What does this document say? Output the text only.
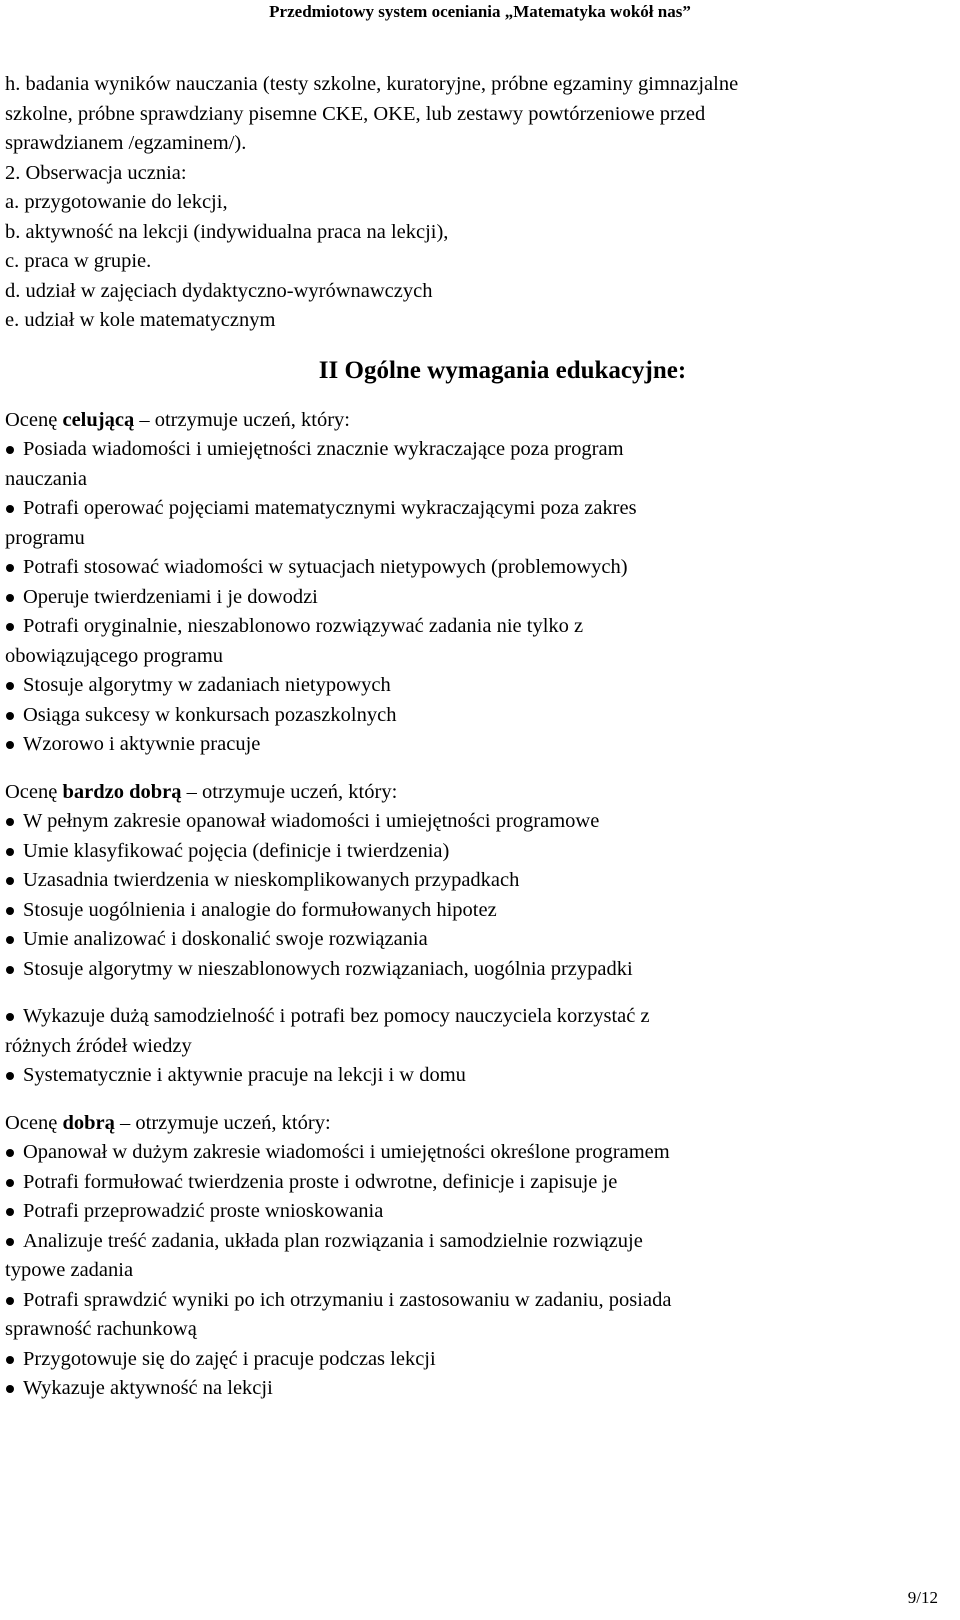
Przedmiotowy system oceniania „Matematyka wokół nas”
h. badania wyników nauczania (testy szkolne, kuratoryjne, próbne egzaminy gimnazjalne
szkolne, próbne sprawdziany pisemne CKE, OKE, lub zestawy powtórzeniowe przed
sprawdzianem /egzaminem/).
2. Obserwacja ucznia:
a. przygotowanie do lekcji,
b. aktywność na lekcji (indywidualna praca na lekcji),
c. praca w grupie.
d. udział w zajęciach dydaktyczno-wyrównawczych
e. udział w kole matematycznym
II Ogólne wymagania edukacyjne:
Ocenę celującą – otrzymuje uczeń, który:
Posiada wiadomości i umiejętności znacznie wykraczające poza program
nauczania
Potrafi operować pojęciami matematycznymi wykraczającymi poza zakres
programu
Potrafi stosować wiadomości w sytuacjach nietypowych (problemowych)
Operuje twierdzeniami i je dowodzi
Potrafi oryginalnie, nieszablonowo rozwiązywać zadania nie tylko z
obowiązującego programu
Stosuje algorytmy w zadaniach nietypowych
Osiąga sukcesy w konkursach pozaszkolnych
Wzorowo i aktywnie pracuje
Ocenę bardzo dobrą – otrzymuje uczeń, który:
W pełnym zakresie opanował wiadomości i umiejętności programowe
Umie klasyfikować pojęcia (definicje i twierdzenia)
Uzasadnia twierdzenia w nieskomplikowanych przypadkach
Stosuje uogólnienia i analogie do formułowanych hipotez
Umie analizować i doskonalić swoje rozwiązania
Stosuje algorytmy w nieszablonowych rozwiązaniach, uogólnia przypadki
Wykazuje dużą samodzielność i potrafi bez pomocy nauczyciela korzystać z
różnych źródeł wiedzy
Systematycznie i aktywnie pracuje na lekcji i w domu
Ocenę dobrą – otrzymuje uczeń, który:
Opanował w dużym zakresie wiadomości i umiejętności określone programem
Potrafi formułować twierdzenia proste i odwrotne, definicje i zapisuje je
Potrafi przeprowadzić proste wnioskowania
Analizuje treść zadania, układa plan rozwiązania i samodzielnie rozwiązuje
typowe zadania
Potrafi sprawdzić wyniki po ich otrzymaniu i zastosowaniu w zadaniu, posiada
sprawność rachunkową
Przygotowuje się do zajęć i pracuje podczas lekcji
Wykazuje aktywność na lekcji
9/12
